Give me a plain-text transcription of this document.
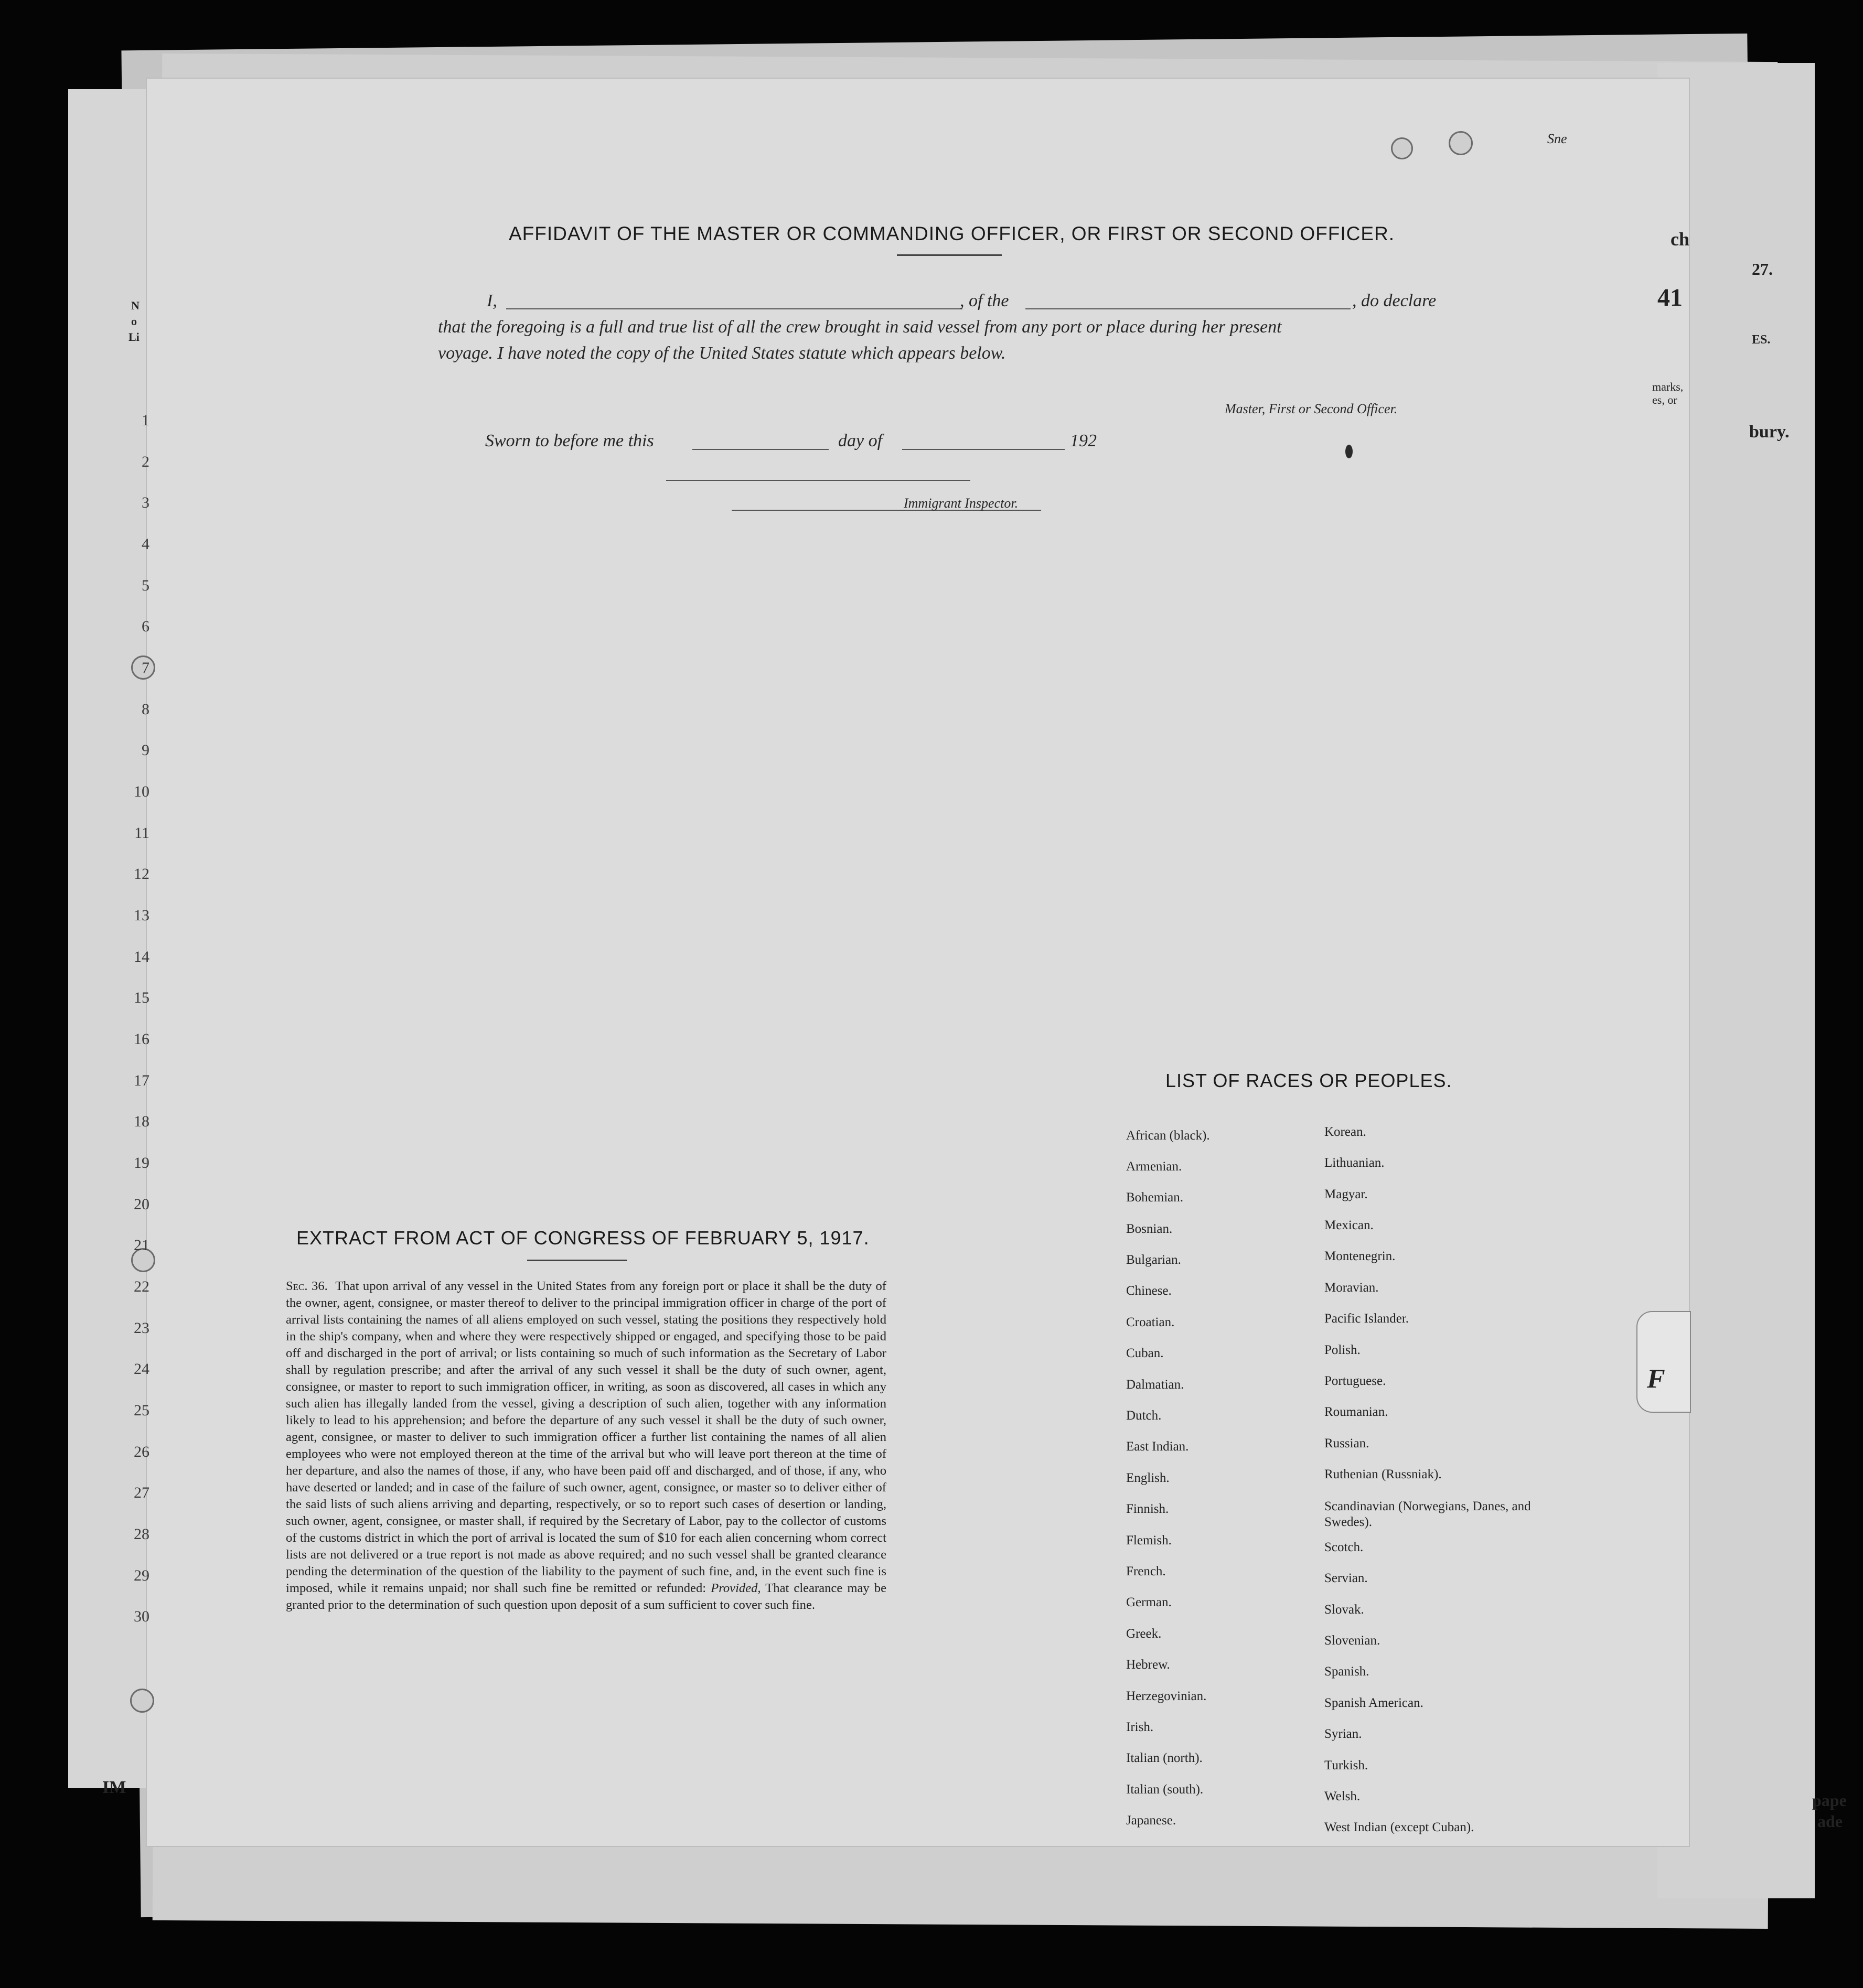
N
o
Li
IM
ch
27.
41
ES.
marks,
es, or
bury.
pape
ade
Sne
F
1
2
3
4
5
6
7
8
9
10
11
12
13
14
15
16
17
18
19
20
21
22
23
24
25
26
27
28
29
30
AFFIDAVIT OF THE MASTER OR COMMANDING OFFICER, OR FIRST OR SECOND OFFICER.
I,	, of the	, do declare
that the foregoing is a full and true list of all the crew brought in said vessel from any port or place during her present
voyage. I have noted the copy of the United States statute which appears below.
Master, First or Second Officer.
Sworn to before me this	day of	192
Immigrant Inspector.
EXTRACT FROM ACT OF CONGRESS OF FEBRUARY 5, 1917.
Sec. 36. That upon arrival of any vessel in the United States from any foreign port or place it shall be the duty of the owner, agent, consignee, or master thereof to deliver to the principal immigration officer in charge of the port of arrival lists containing the names of all aliens employed on such vessel, stating the positions they respectively hold in the ship's company, when and where they were respectively shipped or engaged, and specifying those to be paid off and discharged in the port of arrival; or lists containing so much of such information as the Secretary of Labor shall by regulation prescribe; and after the arrival of any such vessel it shall be the duty of such owner, agent, consignee, or master to report to such immigration officer, in writing, as soon as discovered, all cases in which any such alien has illegally landed from the vessel, giving a description of such alien, together with any information likely to lead to his apprehension; and before the departure of any such vessel it shall be the duty of such owner, agent, consignee, or master to deliver to such immigration officer a further list containing the names of all alien employees who were not employed thereon at the time of the arrival but who will leave port thereon at the time of her departure, and also the names of those, if any, who have been paid off and discharged, and of those, if any, who have deserted or landed; and in case of the failure of such owner, agent, consignee, or master so to deliver either of the said lists of such aliens arriving and departing, respectively, or so to report such cases of desertion or landing, such owner, agent, consignee, or master shall, if required by the Secretary of Labor, pay to the collector of customs of the customs district in which the port of arrival is located the sum of $10 for each alien concerning whom correct lists are not delivered or a true report is not made as above required; and no such vessel shall be granted clearance pending the determination of the question of the liability to the payment of such fine, and, in the event such fine is imposed, while it remains unpaid; nor shall such fine be remitted or refunded: Provided, That clearance may be granted prior to the determination of such question upon deposit of a sum sufficient to cover such fine.
LIST OF RACES OR PEOPLES.
African (black).
Armenian.
Bohemian.
Bosnian.
Bulgarian.
Chinese.
Croatian.
Cuban.
Dalmatian.
Dutch.
East Indian.
English.
Finnish.
Flemish.
French.
German.
Greek.
Hebrew.
Herzegovinian.
Irish.
Italian (north).
Italian (south).
Japanese.
Korean.
Lithuanian.
Magyar.
Mexican.
Montenegrin.
Moravian.
Pacific Islander.
Polish.
Portuguese.
Roumanian.
Russian.
Ruthenian (Russniak).
Scandinavian (Norwegians, Danes, and Swedes).
Scotch.
Servian.
Slovak.
Slovenian.
Spanish.
Spanish American.
Syrian.
Turkish.
Welsh.
West Indian (except Cuban).
